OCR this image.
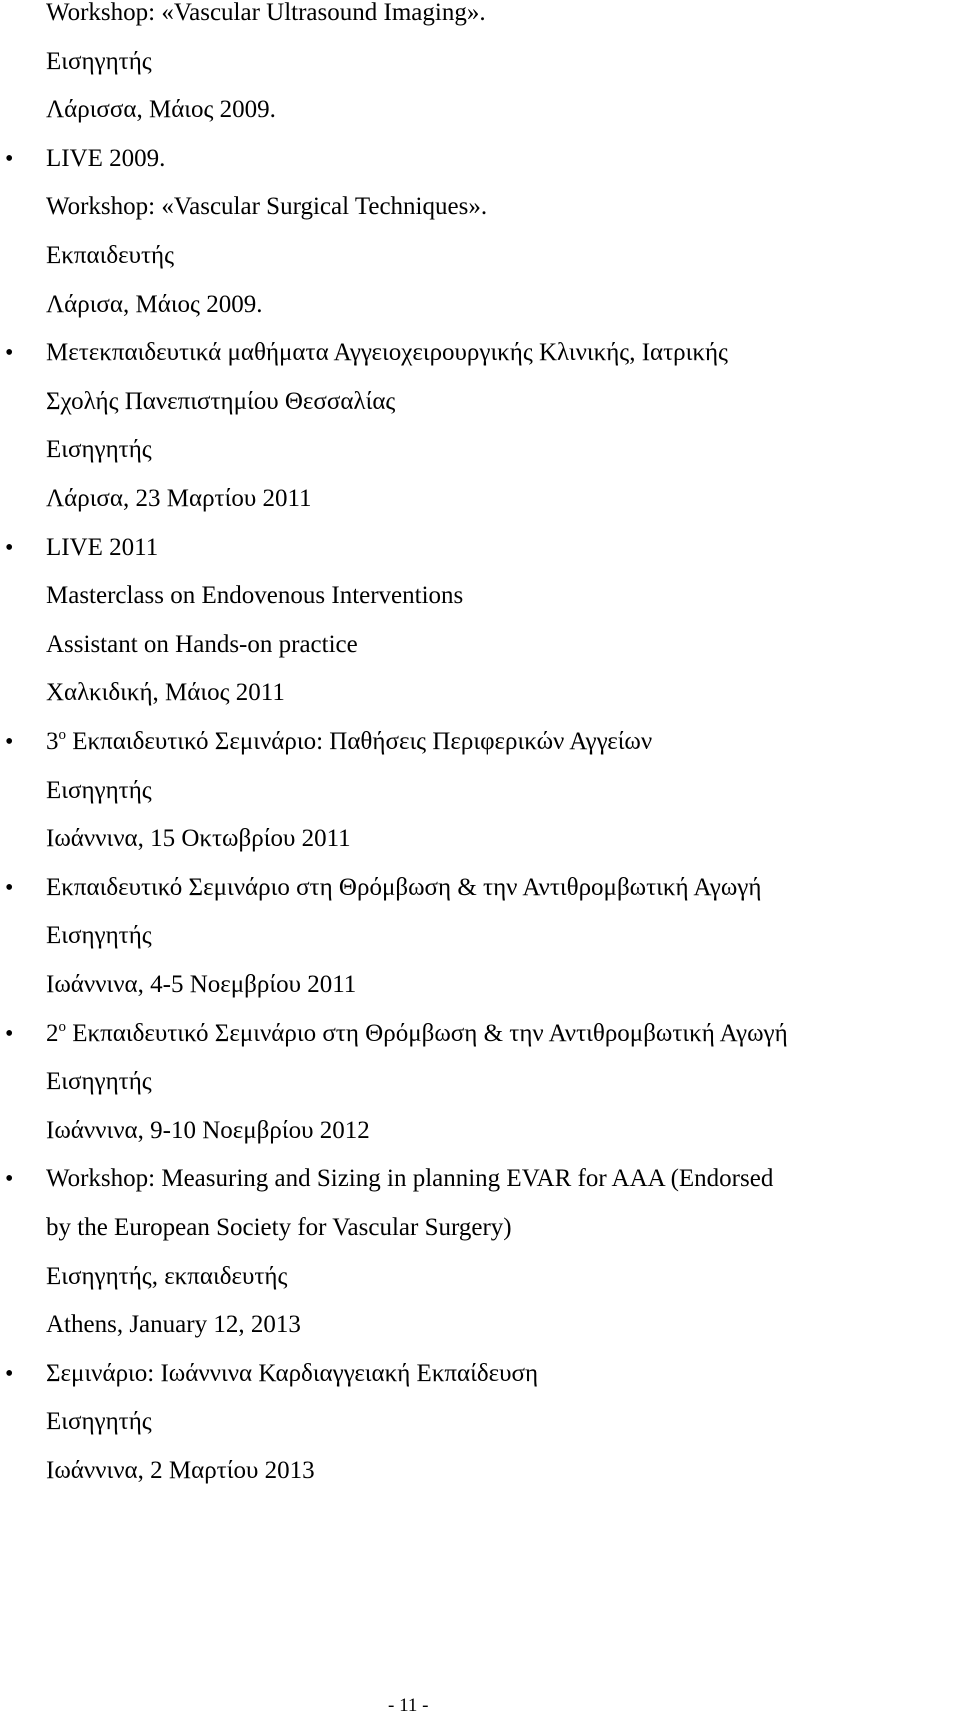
Workshop: «Vascular Ultrasound Imaging».
Εισηγητής
Λάρισσα, Μάιος 2009.
• LIVE 2009.
Workshop: «Vascular Surgical Techniques».
Εκπαιδευτής
Λάρισα, Μάιος 2009.
• Μετεκπαιδευτικά μαθήματα Αγγειοχειρουργικής Κλινικής, Ιατρικής
Σχολής Πανεπιστημίου Θεσσαλίας
Εισηγητής
Λάρισα, 23 Μαρτίου 2011
• LIVE 2011
Masterclass on Endovenous Interventions
Assistant on Hands-on practice
Χαλκιδική, Μάιος 2011
• $3^o$ Εκπαιδευτικό Σεμινάριο: Παθήσεις Περιφερικών Αγγείων
Εισηγητής
Ιωάννινα, 15 Οκτωβρίου 2011
• Εκπαιδευτικό Σεμινάριο στη Θρόμβωση & την Αντιθρομβωτική Αγωγή
Εισηγητής
Ιωάννινα, 4-5 Νοεμβρίου 2011
• $2^o$ Εκπαιδευτικό Σεμινάριο στη Θρόμβωση & την Αντιθρομβωτική Αγωγή
Εισηγητής
Ιωάννινα, 9-10 Νοεμβρίου 2012
• Workshop: Measuring and Sizing in planning EVAR for AAA (Endorsed
by the European Society for Vascular Surgery)
Εισηγητής, εκπαιδευτής
Athens, January 12, 2013
• Σεμινάριο: Ιωάννινα Καρδιαγγειακή Εκπαίδευση
Εισηγητής
Ιωάννινα, 2 Μαρτίου 2013
- 11 -
